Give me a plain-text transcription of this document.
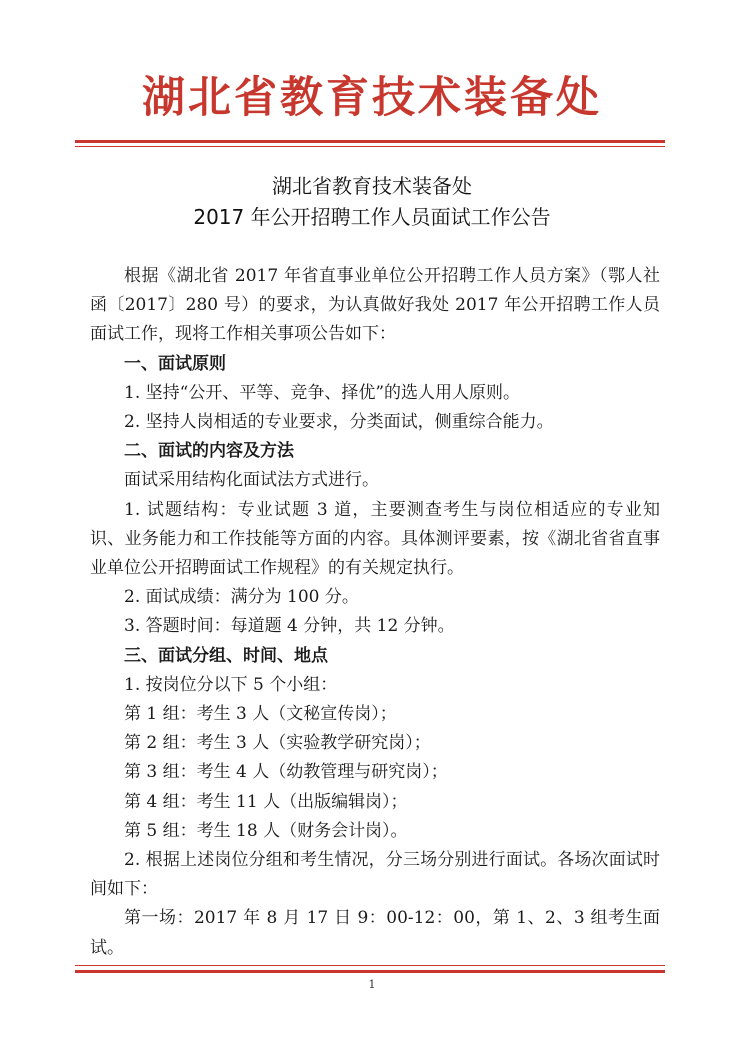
湖北省教育技术装备处
湖北省教育技术装备处
2017 年公开招聘工作人员面试工作公告

根据《湖北省 2017 年省直事业单位公开招聘工作人员方案》（鄂人社函〔2017〕280 号）的要求，为认真做好我处 2017 年公开招聘工作人员面试工作，现将工作相关事项公告如下：

一、面试原则

1. 坚持“公开、平等、竞争、择优”的选人用人原则。

2. 坚持人岗相适的专业要求，分类面试，侧重综合能力。

二、面试的内容及方法

面试采用结构化面试法方式进行。

1. 试题结构：专业试题 3 道，主要测查考生与岗位相适应的专业知识、业务能力和工作技能等方面的内容。具体测评要素，按《湖北省省直事业单位公开招聘面试工作规程》的有关规定执行。

2. 面试成绩：满分为 100 分。

3. 答题时间：每道题 4 分钟，共 12 分钟。

三、面试分组、时间、地点

1. 按岗位分以下 5 个小组：

第 1 组：考生 3 人（文秘宣传岗）；

第 2 组：考生 3 人（实验教学研究岗）；

第 3 组：考生 4 人（幼教管理与研究岗）；

第 4 组：考生 11 人（出版编辑岗）；

第 5 组：考生 18 人（财务会计岗）。

2. 根据上述岗位分组和考生情况，分三场分别进行面试。各场次面试时间如下：

第一场：2017 年 8 月 17 日 9：00-12：00，第 1、2、3 组考生面试。

1
